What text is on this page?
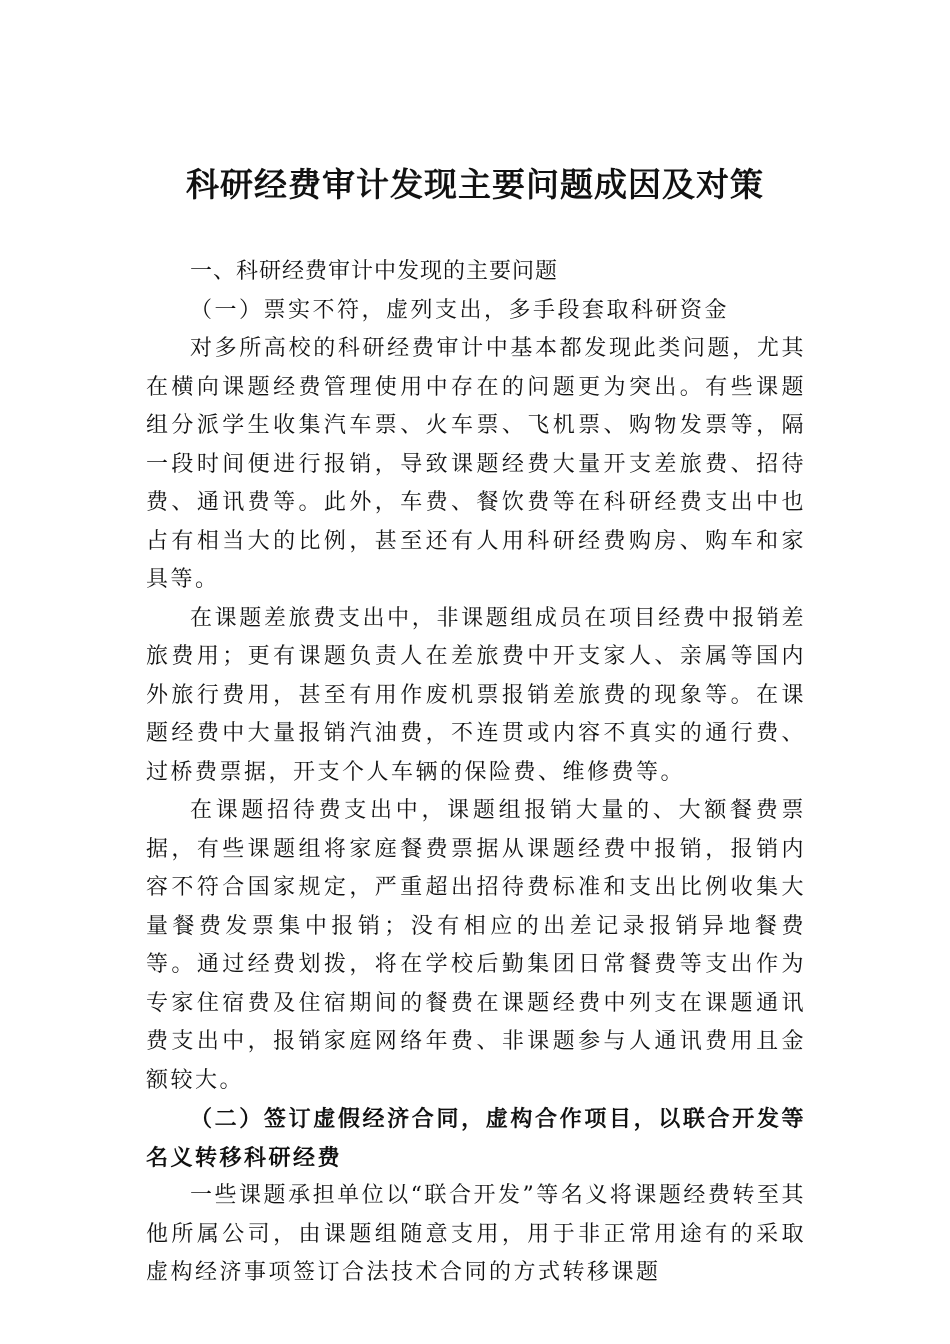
科研经费审计发现主要问题成因及对策

一、科研经费审计中发现的主要问题

（一）票实不符，虚列支出，多手段套取科研资金

对多所高校的科研经费审计中基本都发现此类问题，尤其在横向课题经费管理使用中存在的问题更为突出。有些课题组分派学生收集汽车票、火车票、飞机票、购物发票等，隔一段时间便进行报销，导致课题经费大量开支差旅费、招待费、通讯费等。此外，车费、餐饮费等在科研经费支出中也占有相当大的比例，甚至还有人用科研经费购房、购车和家具等。

在课题差旅费支出中，非课题组成员在项目经费中报销差旅费用；更有课题负责人在差旅费中开支家人、亲属等国内外旅行费用，甚至有用作废机票报销差旅费的现象等。在课题经费中大量报销汽油费，不连贯或内容不真实的通行费、过桥费票据，开支个人车辆的保险费、维修费等。

在课题招待费支出中，课题组报销大量的、大额餐费票据，有些课题组将家庭餐费票据从课题经费中报销，报销内容不符合国家规定，严重超出招待费标准和支出比例收集大量餐费发票集中报销；没有相应的出差记录报销异地餐费等。通过经费划拨，将在学校后勤集团日常餐费等支出作为专家住宿费及住宿期间的餐费在课题经费中列支在课题通讯费支出中，报销家庭网络年费、非课题参与人通讯费用且金额较大。

（二）签订虚假经济合同，虚构合作项目，以联合开发等名义转移科研经费

一些课题承担单位以“联合开发”等名义将课题经费转至其他所属公司，由课题组随意支用，用于非正常用途有的采取虚构经济事项签订合法技术合同的方式转移课题
